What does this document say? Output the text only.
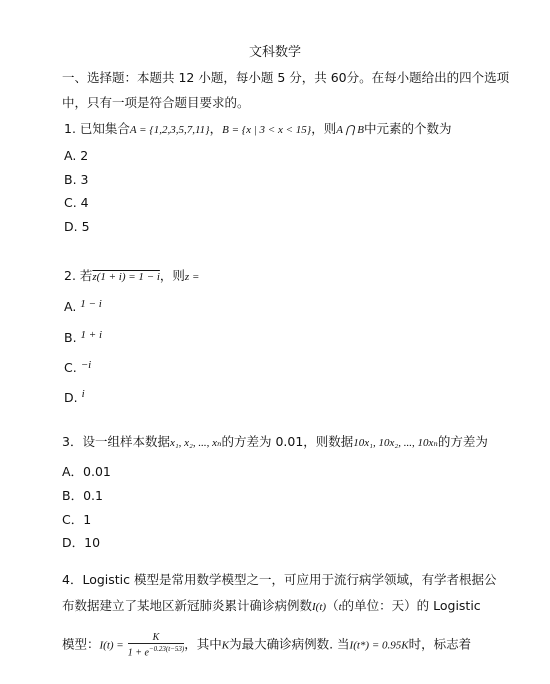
文科数学
一、选择题：本题共 12 小题，每小题 5 分，共 60分。在每小题给出的四个选项
中，只有一项是符合题目要求的。
1. 已知集合A = {1,2,3,5,7,11}，B = {x | 3 < x < 15}，则A ⋂ B中元素的个数为
A. 2
B. 3
C. 4
D. 5
2. 若z(1 + i) = 1 − i，则z =
A. 1 − i
B. 1 + i
C. −i
D. i
3．设一组样本数据x₁, x₂, ..., xₙ的方差为 0.01，则数据10x₁, 10x₂, ..., 10xₙ的方差为
A．0.01
B．0.1
C．1
D．10
4．Logistic 模型是常用数学模型之一，可应用于流行病学领域，有学者根据公
布数据建立了某地区新冠肺炎累计确诊病例数I(t)（t的单位：天）的 Logistic
模型：$I(t) = \frac{K}{1 + e^{-0.23(t-53)}}$ ，其中K为最大确诊病例数. 当I(t*) = 0.95K时，标志着
